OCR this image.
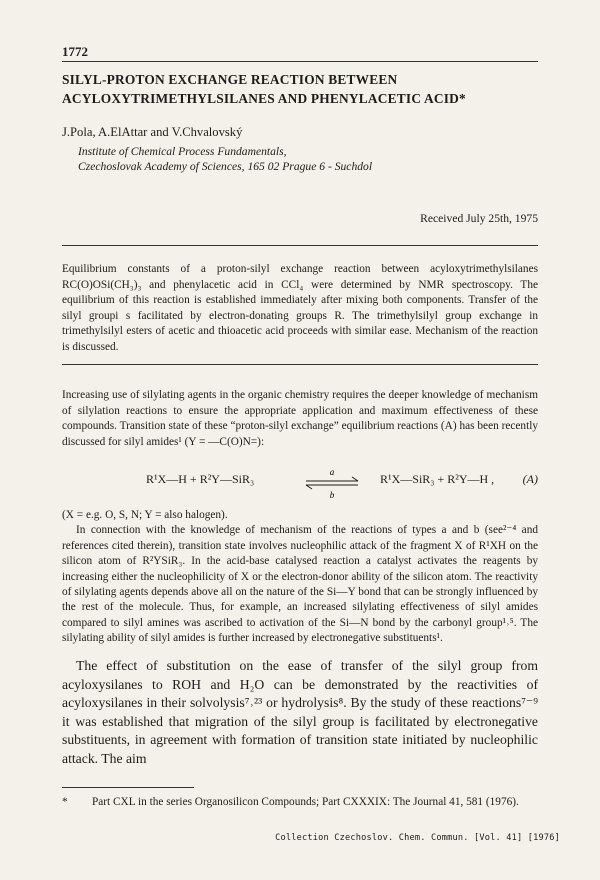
1772
SILYL-PROTON EXCHANGE REACTION BETWEEN
ACYLOXYTRIMETHYLSILANES AND PHENYLACETIC ACID*
J.Pola, A.ElAttar and V.Chvalovský
Institute of Chemical Process Fundamentals,
Czechoslovak Academy of Sciences, 165 02 Prague 6 - Suchdol
Received July 25th, 1975
Equilibrium constants of a proton-silyl exchange reaction between acyloxytrimethylsilanes RC(O)OSi(CH₃)₃ and phenylacetic acid in CCl₄ were determined by NMR spectroscopy. The equilibrium of this reaction is established immediately after mixing both components. Transfer of the silyl groupi s facilitated by electron-donating groups R. The trimethylsilyl group exchange in trimethylsilyl esters of acetic and thioacetic acid proceeds with similar ease. Mechanism of the reaction is discussed.
Increasing use of silylating agents in the organic chemistry requires the deeper knowledge of mechanism of silylation reactions to ensure the appropriate application and maximum effectiveness of these compounds. Transition state of these “proton-silyl exchange” equilibrium reactions (A) has been recently discussed for silyl amides¹ (Y = —C(O)N=):
R¹X—H + R²Y—SiR₃	a
b
R¹X—SiR₃ + R²Y—H , (A)
(X = e.g. O, S, N; Y = also halogen).
In connection with the knowledge of mechanism of the reactions of types a and b (see²⁻⁴ and references cited therein), transition state involves nucleophilic attack of the fragment X of R¹XH on the silicon atom of R²YSiR₃. In the acid-base catalysed reaction a catalyst activates the reagents by increasing either the nucleophilicity of X or the electron-donor ability of the silicon atom. The reactivity of silylating agents depends above all on the nature of the Si—Y bond that can be strongly influenced by the rest of the molecule. Thus, for example, an increased silylating effectiveness of silyl amides compared to silyl amines was ascribed to activation of the Si—N bond by the carbonyl group¹˒⁵. The silylating ability of silyl amides is further increased by electronegative substituents¹.
The effect of substitution on the ease of transfer of the silyl group from acyloxysilanes to ROH and H₂O can be demonstrated by the reactivities of acyloxysilanes in their solvolysis⁷˒²³ or hydrolysis⁸. By the study of these reactions⁷⁻⁹ it was established that migration of the silyl group is facilitated by electronegative substituents, in agreement with formation of transition state initiated by nucleophilic attack. The aim
* Part CXL in the series Organosilicon Compounds; Part CXXXIX: The Journal 41, 581 (1976).
Collection Czechoslov. Chem. Commun. [Vol. 41] [1976]
